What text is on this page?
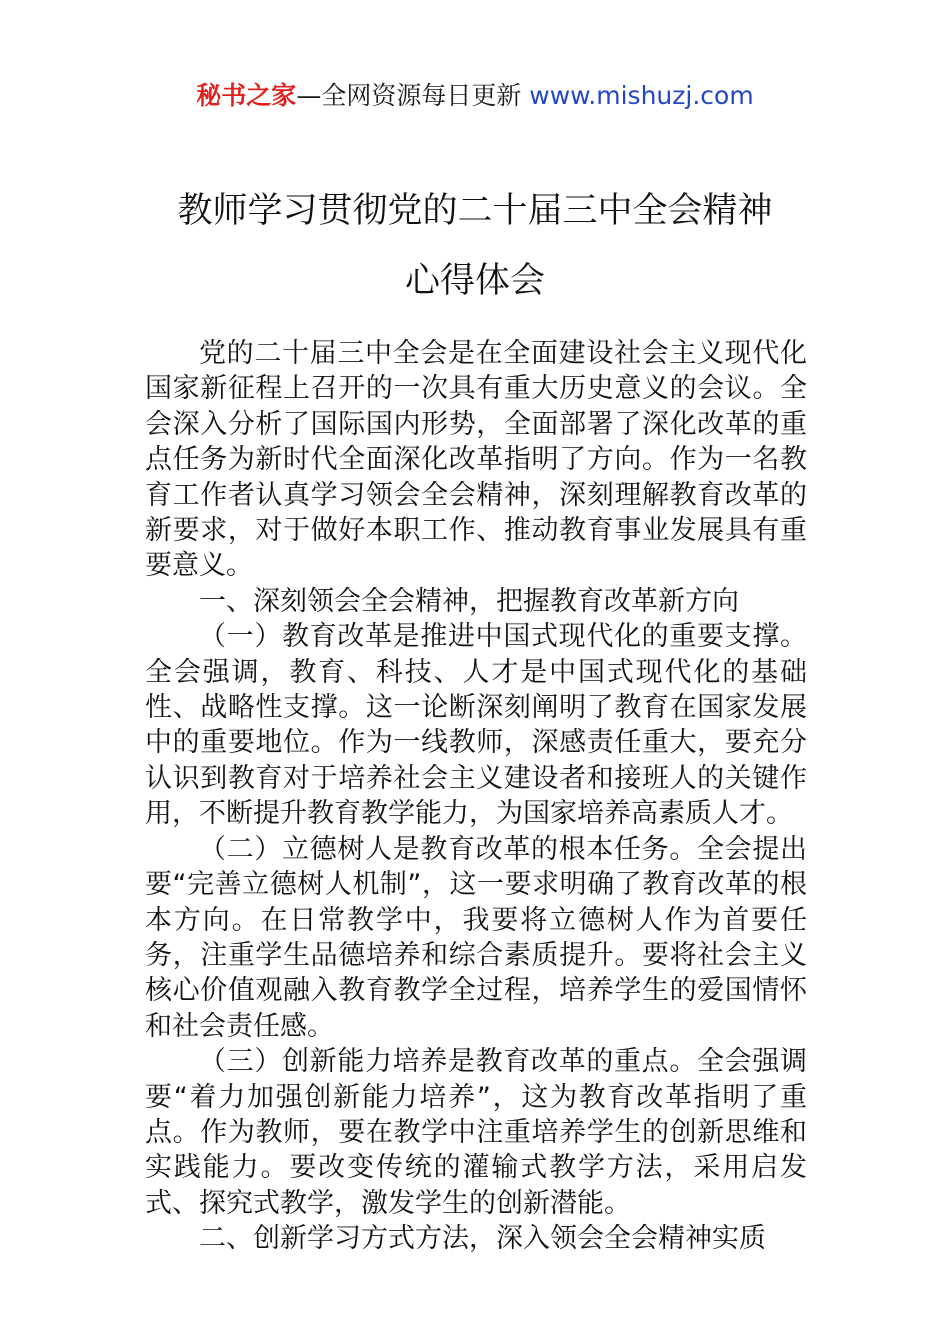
秘书之家—全网资源每日更新 www.mishuzj.com
教师学习贯彻党的二十届三中全会精神
心得体会

党的二十届三中全会是在全面建设社会主义现代化国家新征程上召开的一次具有重大历史意义的会议。全会深入分析了国际国内形势，全面部署了深化改革的重点任务为新时代全面深化改革指明了方向。作为一名教育工作者认真学习领会全会精神，深刻理解教育改革的新要求，对于做好本职工作、推动教育事业发展具有重要意义。

一、深刻领会全会精神，把握教育改革新方向

（一）教育改革是推进中国式现代化的重要支撑。全会强调，教育、科技、人才是中国式现代化的基础性、战略性支撑。这一论断深刻阐明了教育在国家发展中的重要地位。作为一线教师，深感责任重大，要充分认识到教育对于培养社会主义建设者和接班人的关键作用，不断提升教育教学能力，为国家培养高素质人才。

（二）立德树人是教育改革的根本任务。全会提出要“完善立德树人机制”，这一要求明确了教育改革的根本方向。在日常教学中，我要将立德树人作为首要任务，注重学生品德培养和综合素质提升。要将社会主义核心价值观融入教育教学全过程，培养学生的爱国情怀和社会责任感。

（三）创新能力培养是教育改革的重点。全会强调要“着力加强创新能力培养”，这为教育改革指明了重点。作为教师，要在教学中注重培养学生的创新思维和实践能力。要改变传统的灌输式教学方法，采用启发式、探究式教学，激发学生的创新潜能。

二、创新学习方式方法，深入领会全会精神实质
